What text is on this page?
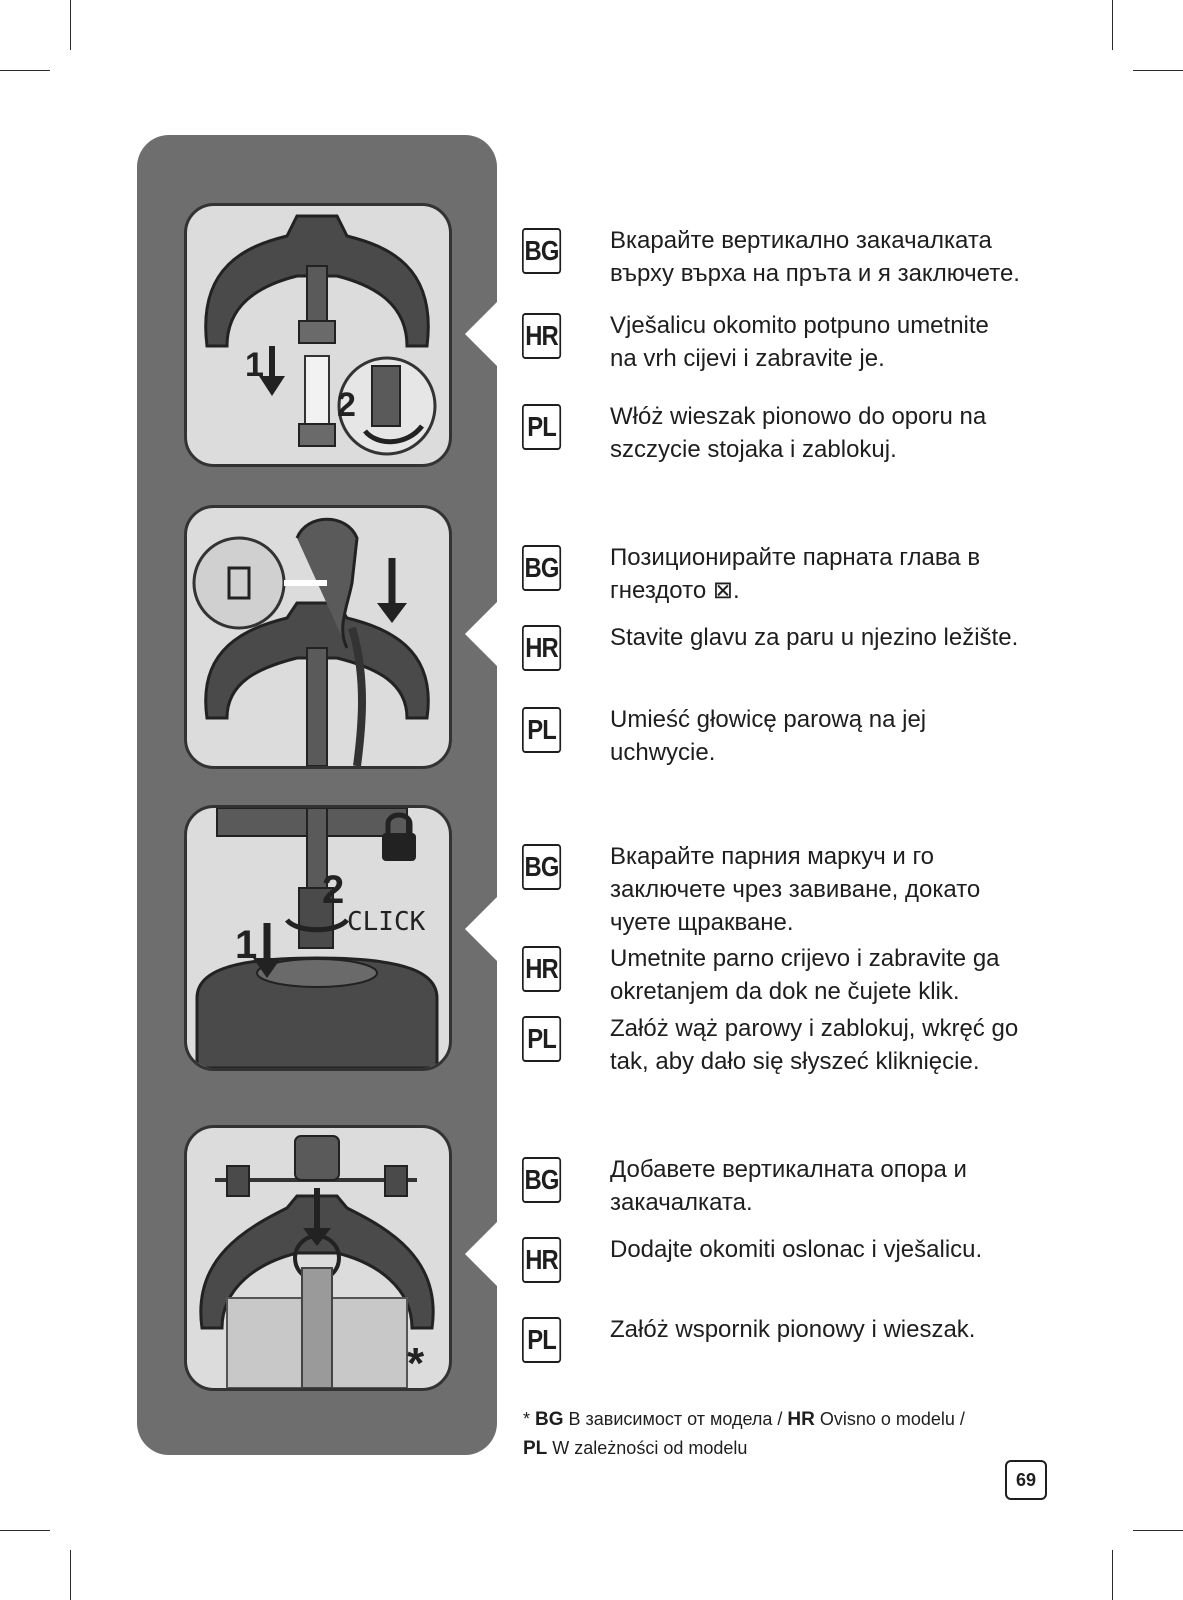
1
2
1
2
CLICK
*
BG Вкарайте вертикално закачалката
върху върха на пръта и я заключете.
HR Vješalicu okomito potpuno umetnite
na vrh cijevi i zabravite je.
PL Włóż wieszak pionowo do oporu na
szczycie stojaka i zablokuj.
BG Позиционирайте парната глава в
гнездото ⊠.
HR Stavite glavu za paru u njezino ležište.
PL Umieść głowicę parową na jej
uchwycie.
BG Вкарайте парния маркуч и го
заключете чрез завиване, докато
чуете щракване.
HR Umetnite parno crijevo i zabravite ga
okretanjem da dok ne čujete klik.
PL Załóż wąż parowy i zablokuj, wkręć go
tak, aby dało się słyszeć kliknięcie.
BG Добавете вертикалната опора и
закачалката.
HR Dodajte okomiti oslonac i vješalicu.
PL Załóż wspornik pionowy i wieszak.
* BG В зависимост от модела / HR Ovisno o modelu /
PL W zależności od modelu
69
